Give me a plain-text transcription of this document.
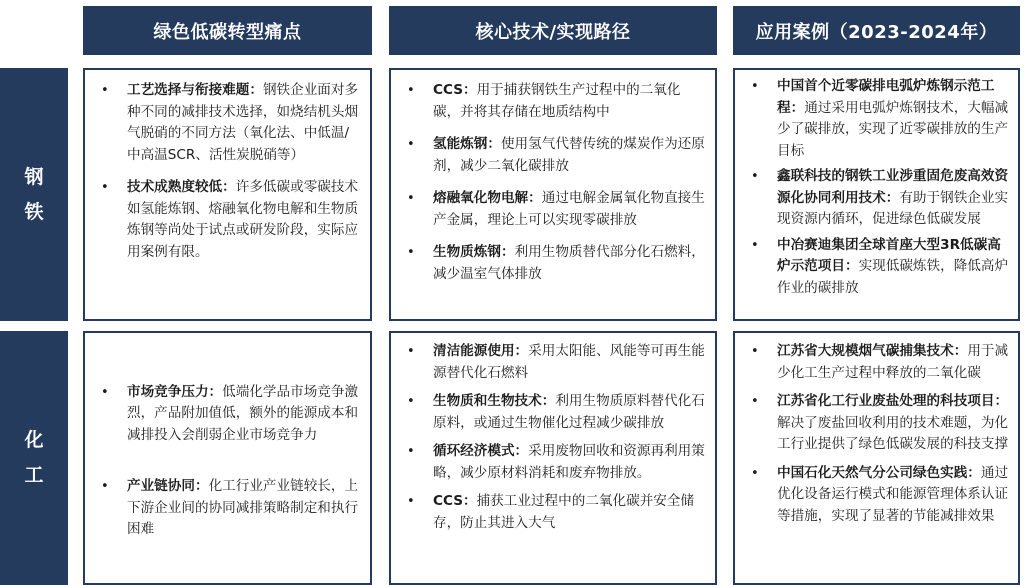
绿色低碳转型痛点	核心技术/实现路径	应用案例（2023-2024年）
钢
铁
化
工
• 工艺选择与衔接难题：钢铁企业面对多种不同的减排技术选择，如烧结机头烟气脱硝的不同方法（氧化法、中低温/中高温SCR、活性炭脱硝等）
• 技术成熟度较低：许多低碳或零碳技术如氢能炼钢、熔融氧化物电解和生物质炼钢等尚处于试点或研发阶段，实际应用案例有限。
• CCS：用于捕获钢铁生产过程中的二氧化碳，并将其存储在地质结构中
• 氢能炼钢：使用氢气代替传统的煤炭作为还原剂，减少二氧化碳排放
• 熔融氧化物电解：通过电解金属氧化物直接生产金属，理论上可以实现零碳排放
• 生物质炼钢：利用生物质替代部分化石燃料，减少温室气体排放
• 中国首个近零碳排电弧炉炼钢示范工程：通过采用电弧炉炼钢技术，大幅减少了碳排放，实现了近零碳排放的生产目标
• 鑫联科技的钢铁工业涉重固危废高效资源化协同利用技术：有助于钢铁企业实现资源内循环，促进绿色低碳发展
• 中冶赛迪集团全球首座大型3R低碳高炉示范项目：实现低碳炼铁，降低高炉作业的碳排放
• 市场竞争压力：低端化学品市场竞争激烈，产品附加值低，额外的能源成本和减排投入会削弱企业市场竞争力
• 产业链协同：化工行业产业链较长，上下游企业间的协同减排策略制定和执行困难
• 清洁能源使用：采用太阳能、风能等可再生能源替代化石燃料
• 生物质和生物技术：利用生物质原料替代化石原料，或通过生物催化过程减少碳排放
• 循环经济模式：采用废物回收和资源再利用策略，减少原材料消耗和废弃物排放。
• CCS：捕获工业过程中的二氧化碳并安全储存，防止其进入大气
• 江苏省大规模烟气碳捕集技术：用于减少化工生产过程中释放的二氧化碳
• 江苏省化工行业废盐处理的科技项目：解决了废盐回收利用的技术难题，为化工行业提供了绿色低碳发展的科技支撑
• 中国石化天然气分公司绿色实践：通过优化设备运行模式和能源管理体系认证等措施，实现了显著的节能减排效果
